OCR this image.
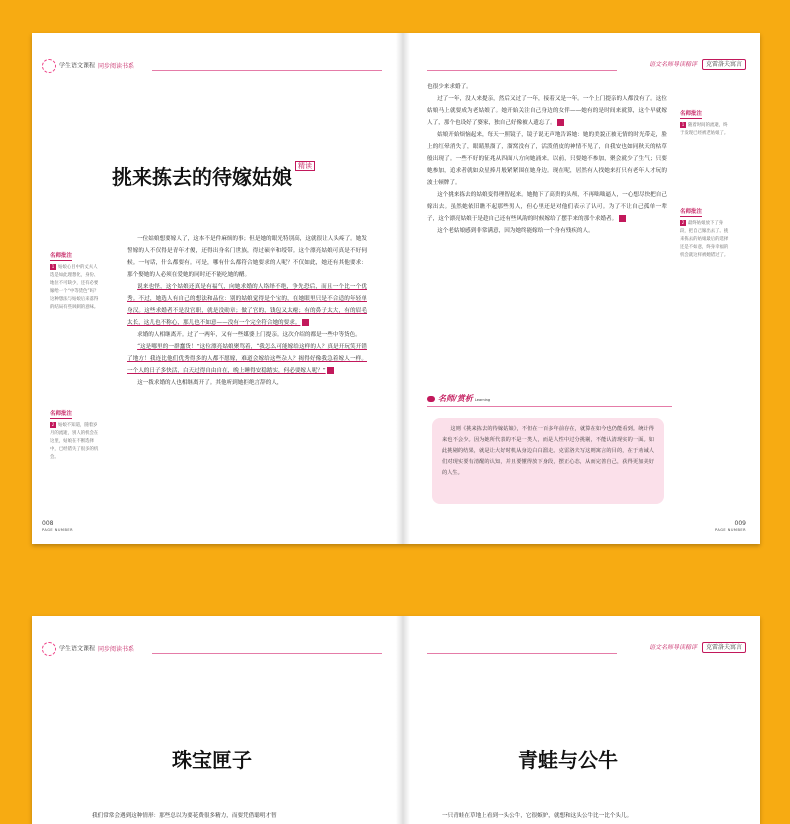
学生语文课程 同步阅读书系	语文名师导读精评 克雷洛夫寓言
挑来拣去的待嫁姑娘 $^{精读}$
名师批注
1 姑娘心目中的丈夫人选是如此理想化，身份、地位不可缺少，还有必要嫁给一个“中等货色”吗？这种想法与姑娘后来落得的结局有些讽刺的意味。
名师批注
2 姑娘不知道，随着岁月的流逝，别人的机会在这里，姑娘在不断选择中，已经错失了很多的机会。

一位姑娘想要嫁人了，这本不是件麻烦的事；但是她的眼光特别高，这就很让人头疼了。她发誓嫁的人不仅得是青年才俊，还得出身名门世族，得过硕辛和绶带。这个漂亮姑娘可真是不好伺候。一句话，什么都要有。可是，哪有什么都符合她要求的人呢？不仅如此，她还有其他要求：那个娶她的人必须在爱她的同时还不能吃她的醋。

说来也怪，这个姑娘还真是有福气，向她求婚的人络绎不绝，争先恐后，而且一个比一个优秀。不过，她选人有自己的想法和品位：别的姑娘觉得是个宝的，在她眼里只是不合适的年轻单身汉。这些求婚者不是没官职，就是没勋章；做了官的，钱包又太瘪；有的鼻子太大，有的眉毛太长，这儿也不称心，那儿也不如意——没有一个完全符合她的要求。 1

求婚的人相继离开。过了一两年，又有一些媒婆上门提亲。这次介绍的都是一些中等货色。

“这是哪里的一群蠢货！”这位漂亮姑娘聚骂着，“我怎么可能嫁给这样的人？真是开玩笑开错了地方！我连比他们优秀得多的人都不愿嫁，难道会嫁给这些杂人？揭得好像我急着嫁人一样。一个人的日子多快活，白天过得自由自在，晚上睡得安稳踏实，何必要嫁人呢？” 2

这一拨求婚的人也相继离开了。其他听到她拒绝言辞的人，

也很少来求婚了。

过了一年，没人来提亲，然后又过了一年，接着又是一年。一个上门提亲的人都没有了。这位姑娘马上就要成为老姑娘了。她开始关注自己身边的女伴——她有的是时间来就算，这个早就嫁人了，那个也设好了婆家，独自己好像被人遗忘了。 1

姑娘开始烦恼起来，每天一照镜子，镜子说无声地告诉她：她的美貌正被无情的时光带走，脸上的红晕消失了，眼睛黑溜了，溜窝没有了，活泼俏皮的神情不见了，自我安也如同秋天的枯草般出现了。一些不好的征兆从四面八方向她涌来。以前，只要她不参加，聚会就少了生气；只要她参加，追求者就如众星捧月般紧紧围在她身边。现在呢，居然有人找她来打只有老年人才玩的波士顿牌了。

这个挑来拣去的姑娘变得理智起来。她抛下了高贵的头颅，不再咄咄逼人，一心想尽快把自己嫁出去。虽然她依旧瞧不起那些男人，但心里还是对他们表示了认可。为了不让自己孤单一辈子，这个漂亮姑娘于是趁自己还有些风韵的时候嫁给了摆手来的那个求婚者。 2

这个老姑娘感到非常满意，因为她终能嫁给一个身有残疾的人。

名师批注
1 随着时间的流逝，终于发现已经被老姑娘了。
名师批注
2 最终姑娘放下了身段，把自己嫁出去了。挑来拣去的姑娘最后的选择还是不如意，终身幸福的机会就这样被她错过了。
名师/赏析 Learning

这则《挑来拣去的待嫁姑娘》，不但在一百多年前存在，就算在如今也仍能看到。统计得来也不会少。因为她所代表的不是一类人，而是人性中过分挑剔，不能认清现实的一面。如此挑剔的结果，就是让大好时机从身边白白溜走。克雷洛夫写这则寓言的目的，在于劝诫人们对现实要有清醒的认知，并且要懂得放下身段，摆正心态，从而完善自己，获得更加美好的人生。

008
PAGE NUMBER
009
PAGE NUMBER
学生语文课程 同步阅读书系	语文名师导读精评 克雷洛夫寓言
珠宝匣子	青蛙与公牛
我们常常会遇到这种情形：那些总以为要花费很多精力，而要凭借聪明才智	一只青蛙在草地上看到一头公牛，它很嫉妒，就想和这头公牛比一比个头儿。
